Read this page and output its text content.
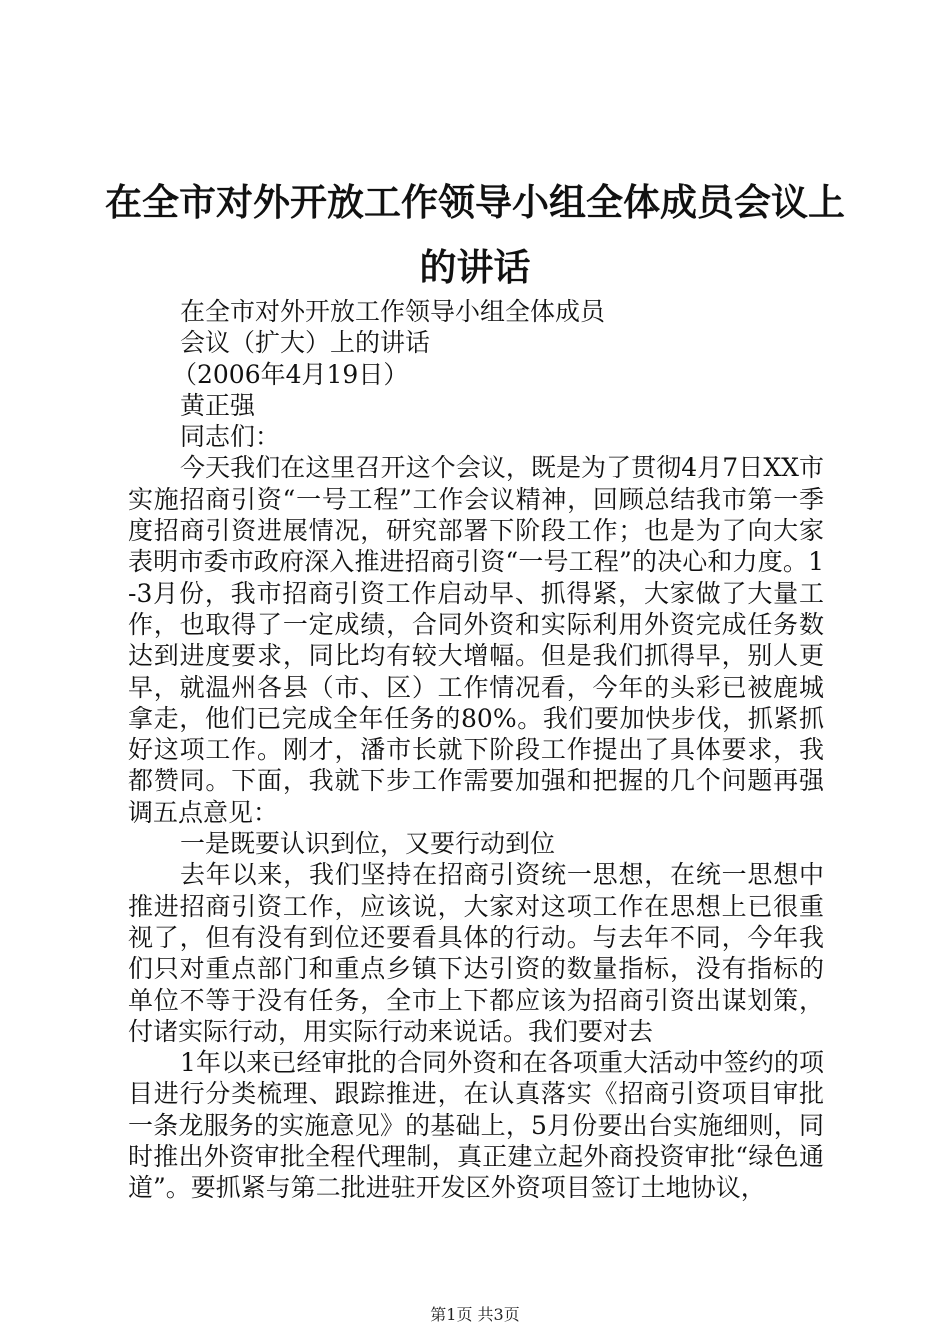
在全市对外开放工作领导小组全体成员会议上
的讲话
在全市对外开放工作领导小组全体成员
会议（扩大）上的讲话
（2006年4月19日）
黄正强
同志们：
今天我们在这里召开这个会议，既是为了贯彻4月7日XX市实施招商引资“一号工程”工作会议精神，回顾总结我市第一季度招商引资进展情况，研究部署下阶段工作；也是为了向大家表明市委市政府深入推进招商引资“一号工程”的决心和力度。1-3月份，我市招商引资工作启动早、抓得紧，大家做了大量工作，也取得了一定成绩，合同外资和实际利用外资完成任务数达到进度要求，同比均有较大增幅。但是我们抓得早，别人更早，就温州各县（市、区）工作情况看，今年的头彩已被鹿城拿走，他们已完成全年任务的80%。我们要加快步伐，抓紧抓好这项工作。刚才，潘市长就下阶段工作提出了具体要求，我都赞同。下面，我就下步工作需要加强和把握的几个问题再强调五点意见：
一是既要认识到位，又要行动到位
去年以来，我们坚持在招商引资统一思想，在统一思想中推进招商引资工作，应该说，大家对这项工作在思想上已很重视了，但有没有到位还要看具体的行动。与去年不同，今年我们只对重点部门和重点乡镇下达引资的数量指标，没有指标的单位不等于没有任务，全市上下都应该为招商引资出谋划策，付诸实际行动，用实际行动来说话。我们要对去
1年以来已经审批的合同外资和在各项重大活动中签约的项目进行分类梳理、跟踪推进，在认真落实《招商引资项目审批一条龙服务的实施意见》的基础上，5月份要出台实施细则，同时推出外资审批全程代理制，真正建立起外商投资审批“绿色通道”。要抓紧与第二批进驻开发区外资项目签订土地协议，
第1页 共3页
